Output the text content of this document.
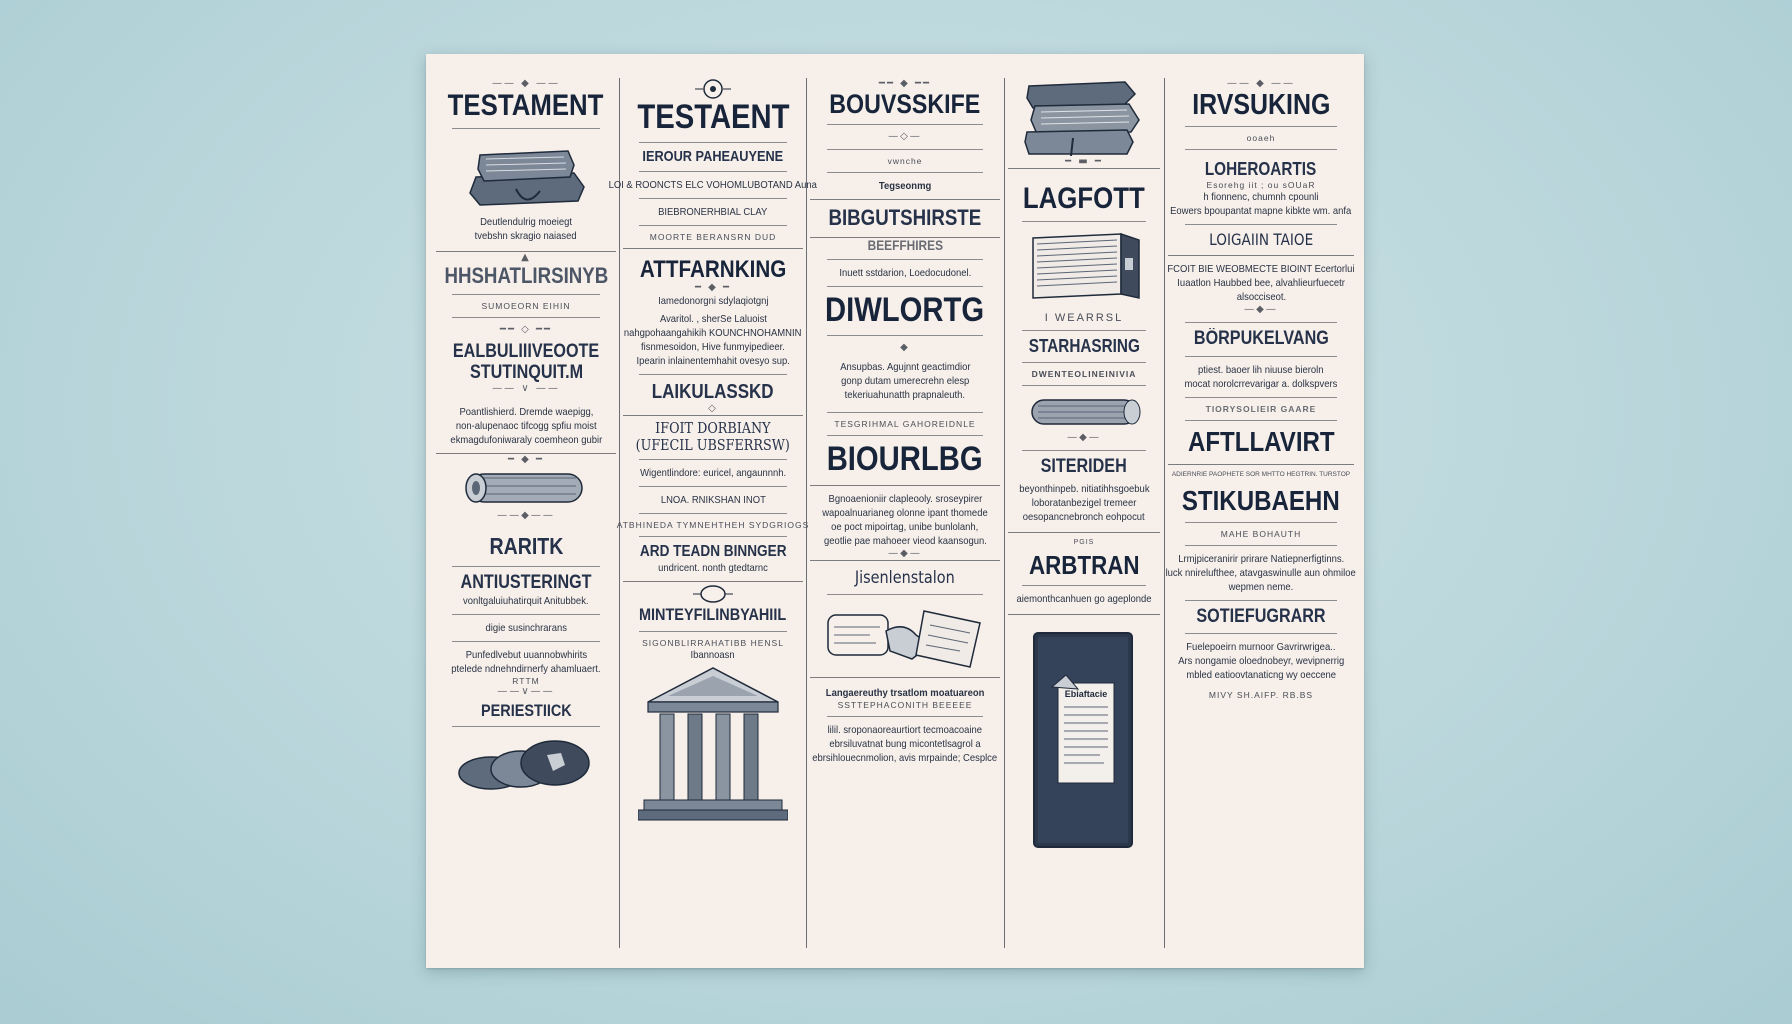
—— ◆ ——
TESTAMENT
Deutlendulrig moeiegt
tvebshn skragio naiased
▲
HHSHATLIRSINYB
SUMOEORN EIHIN
━━ ◇ ━━
EALBULIIIVEOOTE
STUTINQUIT.M
—— ∨ ——
Poantlishierd. Dremde waepigg,
non-alupenaoc tifcogg spfiu moist
ekmagdufoniwaraly coemheon gubir
━ ◆ ━
——◆——
RARITK
ANTIUSTERINGT
vonltgaluiuhatirquit Anitubbek.
digie susinchrarans
Punfedlvebut uuannobwhirits
ptelede ndnehndirnerfy ahamluaert.
RTTM
——∨——
PERIESTIICK
TESTAENT
IEROUR PAHEAUYENE
LOI & ROONCTS ELC VOHOMLUBOTAND Auna
BIEBRONERHBIAL CLAY
MOORTE BERANSRN DUD
ATTFARNKING
━ ◆ ━
Iamedonorgni sdylaqiotgnj
Avaritol. , sherSe Laluoist
nahgpohaangahikih KOUNCHNOHAMNIN
fisnmesoidon, Hive funmyipedieer.
Ipearin inlainentemhahit ovesyo sup.
LAIKULASSKD
◇
IFOIT DORBIANY
(UFECIL UBSFERRSW)
Wigentlindore: euricel, angaunnnh.
LNOA. RNIKSHAN INOT
ATBHINEDA TYMNEHTHEH SYDGRIOGS
ARD TEADN BINNGER
undricent. nonth gtedtarnc
MINTEYFILINBYAHIIL
SIGONBLIRRAHATIBB HENSL
Ibannoasn
━━ ◆ ━━
BOUVSSKIFE
—◇—
vwnche
Tegseonmg
BIBGUTSHIRSTE
BEEFFHIRES
Inuett sstdarion, Loedocudonel.
DIWLORTG
◆
Ansupbas. Agujnnt geactimdior
gonp dutam umerecrehn elesp
tekeriuahunatth prapnaleuth.
TESGRIHMAL GAHOREIDNLE
BIOURLBG
Bgnoaenioniir clapleooly. sroseypirer
wapoalnuarianeg olonne ipant thomede
oe poct mipoirtag, unibe bunlolanh,
geotlie pae mahoeer vieod kaansogun.
—◆—
Jisenlenstalon
Langaereuthy trsatlom moatuareon
SSTTEPHACONITH BEEEEE
lilil. sroponaoreaurtiort tecmoacoaine
ebrsiluvatnat bung micontetlsagrol a
ebrsihlouecnmolion, avis mrpainde; Cesplce
━ ▬ ━
LAGFOTT
I WEARRSL
STARHASRING
DWENTEOLINEINIVIA
—◆—
SITERIDEH
beyonthinpeb. nitiatihhsgoebuk
loboratanbezigel tremeer
oesopancnebronch eohpocut
PGIS
ARBTRAN
aiemonthcanhuen go ageplonde
Ebiaftacie
—— ◆ ——
IRVSUKING
ooaeh
LOHEROARTIS
Esorehg iit ; ou sOUaR
h fionnenc, chumnh cpounli
Eowers bpoupantat mapne kibkte wm. anfa
LOIGAIIN TAIOE
FCOIT BIE WEOBMECTE BIOINT Ecertorlui
Iuaatlon Haubbed bee, alvahlieurfuecetr
alsocciseot.
—◆—
BÖRPUKELVANG
ptiest. baoer lih niuuse bieroln
mocat norolcrrevarigar a. dolkspvers
TIORYSOLIEIR GAARE
AFTLLAVIRT
ADIERNRIE PAOPHETE SOR MHTTO HEGTRIN. TURSTOP
STIKUBAEHN
MAHE BOHAUTH
Lrmjpiceranirir prirare Natiepnerfigtinns.
luck nnirelufthee, atavgaswinulle aun ohmiloe
wepmen neme.
SOTIEFUGRARR
Fuelepoeirn murnoor Gavrirwrigea..
Ars nongamie oloednobeyr, wevipnerrig
mbled eatioovtanaticng wy oeccene
MIVY SH.AIFP. RB.BS
